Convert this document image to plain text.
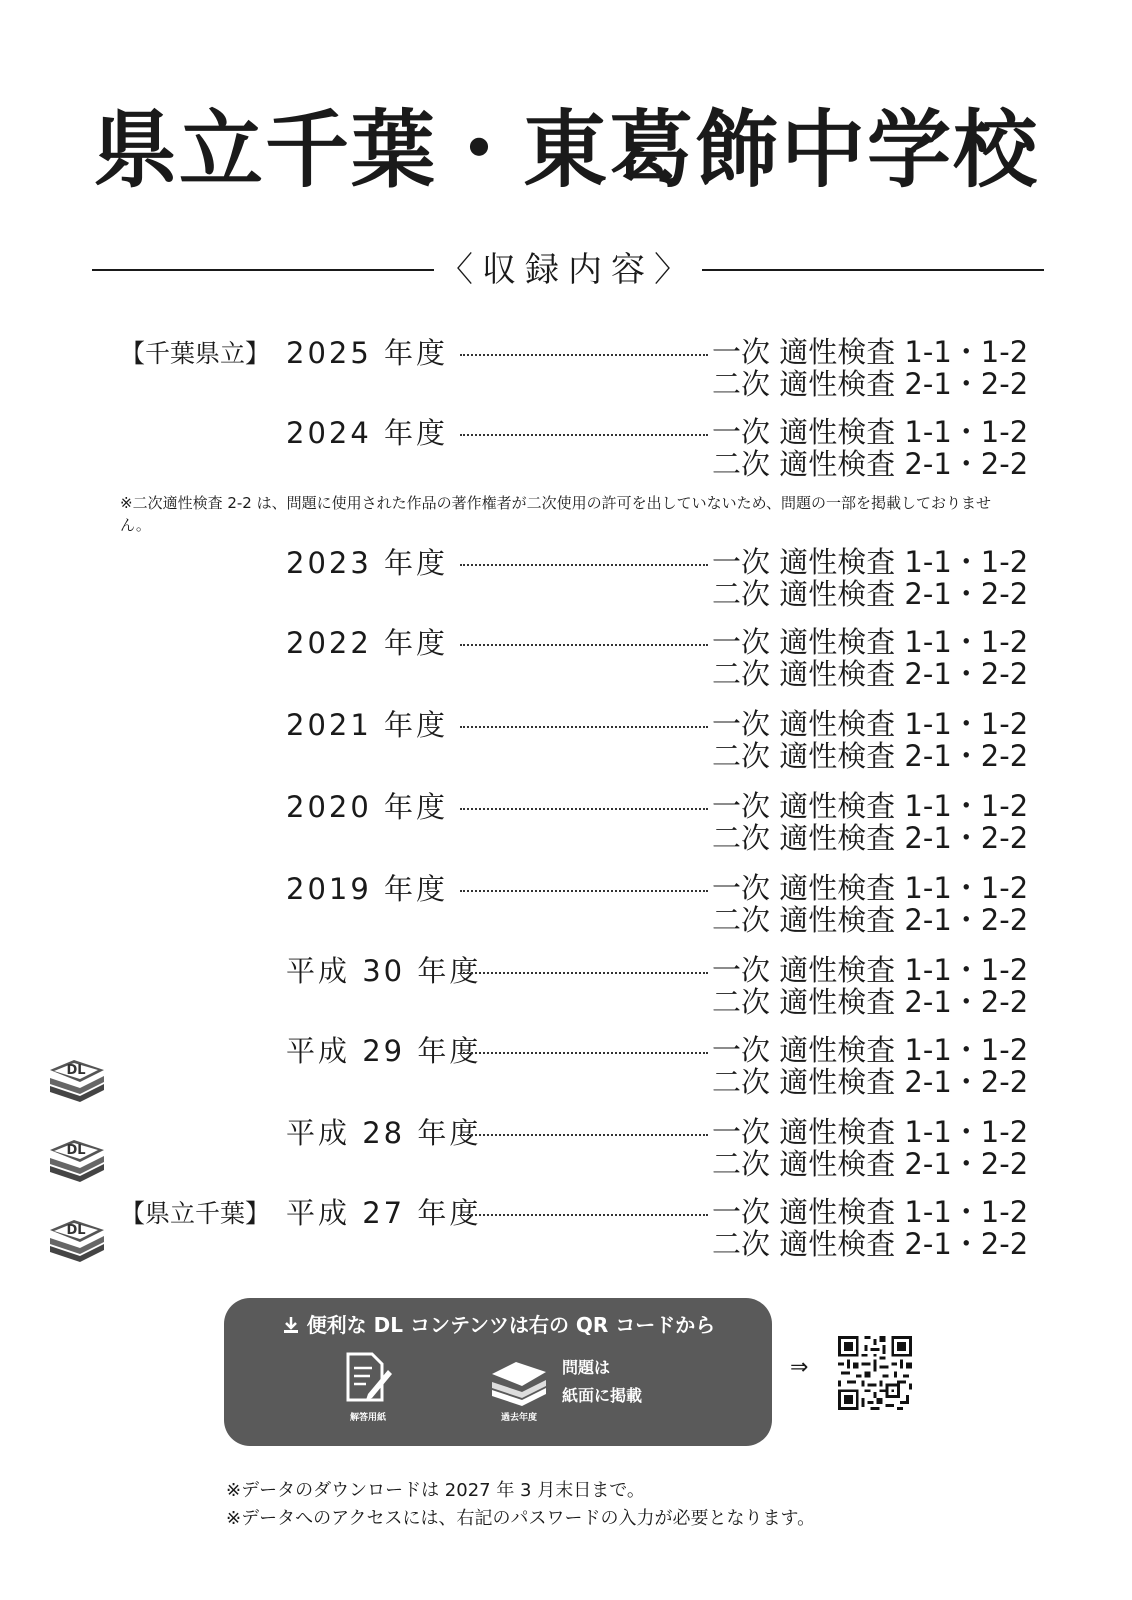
県立千葉・東葛飾中学校
〈収録内容〉
【千葉県立】 2025 年度	一次 適性検査 1-1・1-2
二次 適性検査 2-1・2-2
2024 年度	一次 適性検査 1-1・1-2
二次 適性検査 2-1・2-2
2023 年度	一次 適性検査 1-1・1-2
二次 適性検査 2-1・2-2
2022 年度	一次 適性検査 1-1・1-2
二次 適性検査 2-1・2-2
2021 年度	一次 適性検査 1-1・1-2
二次 適性検査 2-1・2-2
2020 年度	一次 適性検査 1-1・1-2
二次 適性検査 2-1・2-2
2019 年度	一次 適性検査 1-1・1-2
二次 適性検査 2-1・2-2
平成 30 年度	一次 適性検査 1-1・1-2
二次 適性検査 2-1・2-2
平成 29 年度	一次 適性検査 1-1・1-2
二次 適性検査 2-1・2-2
平成 28 年度	一次 適性検査 1-1・1-2
二次 適性検査 2-1・2-2
【県立千葉】 平成 27 年度	一次 適性検査 1-1・1-2
二次 適性検査 2-1・2-2
※二次適性検査 2-2 は、問題に使用された作品の著作権者が二次使用の許可を出していないため、問題の一部を掲載しておりません。
DL
DL
DL
便利な DL コンテンツは右の QR コードから
解答用紙	過去年度
問題は
紙面に掲載
⇒
※データのダウンロードは 2027 年 3 月末日まで。
※データへのアクセスには、右記のパスワードの入力が必要となります。
